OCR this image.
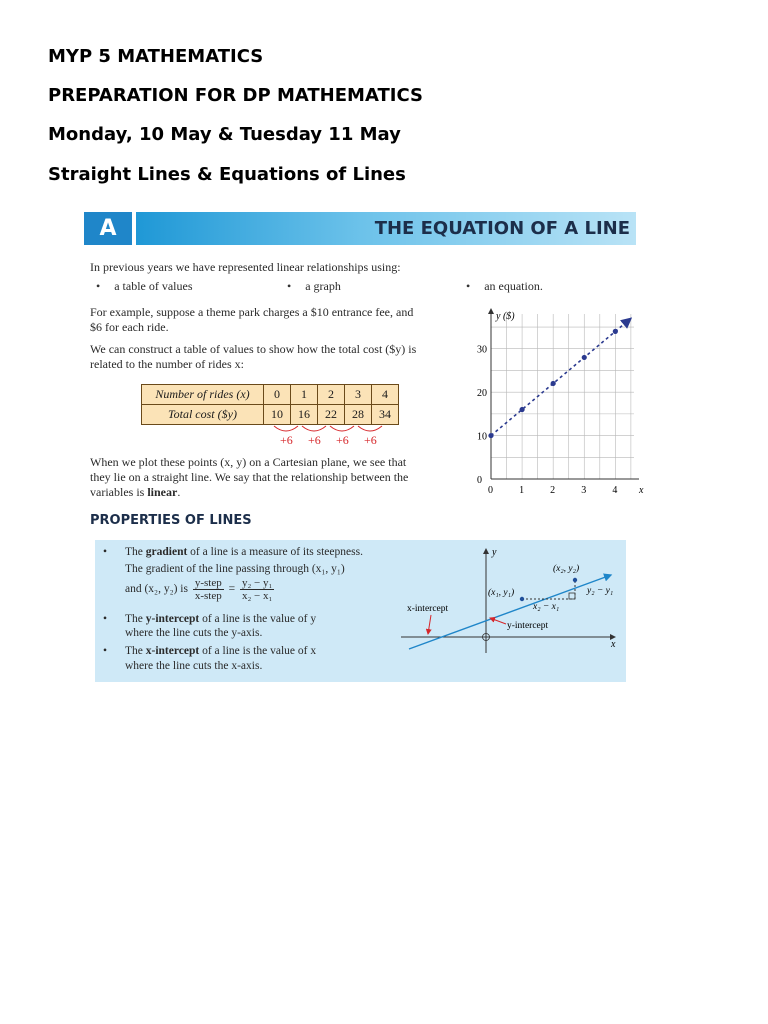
MYP 5 MATHEMATICS
PREPARATION FOR DP MATHEMATICS
Monday, 10 May & Tuesday 11 May
Straight Lines & Equations of Lines
A	THE EQUATION OF A LINE

In previous years we have represented linear relationships using:

• a table of values	• a graph	• an equation.

For example, suppose a theme park charges a $10 entrance fee, and

$6 for each ride.

We can construct a table of values to show how the total cost ($y) is

related to the number of rides x:

Number of rides (x)	0	1	2	3	4
Total cost ($y)	10	16	22	28	34
+6 +6 +6 +6

When we plot these points (x, y) on a Cartesian plane, we see that

they lie on a straight line. We say that the relationship between the

variables is linear.	0	1	2	3	4
0
10
20
30
y ($)
x
PROPERTIES OF LINES
• The gradient of a line is a measure of its steepness.
The gradient of the line passing through (x₁, y₁)
and (x₂, y₂) is $\frac{\text{y-step}}{\text{x-step}} = \frac{\text{y₂ − y₁}}{\text{x₂ − x₁}}$
• The y-intercept of a line is the value of y
where the line cuts the y-axis.
• The x-intercept of a line is the value of x
where the line cuts the x-axis.
y
x
(x₁, y₁)
(x₂, y₂)
y₂ − y₁
x₂ − x₁
x-intercept
y-intercept
